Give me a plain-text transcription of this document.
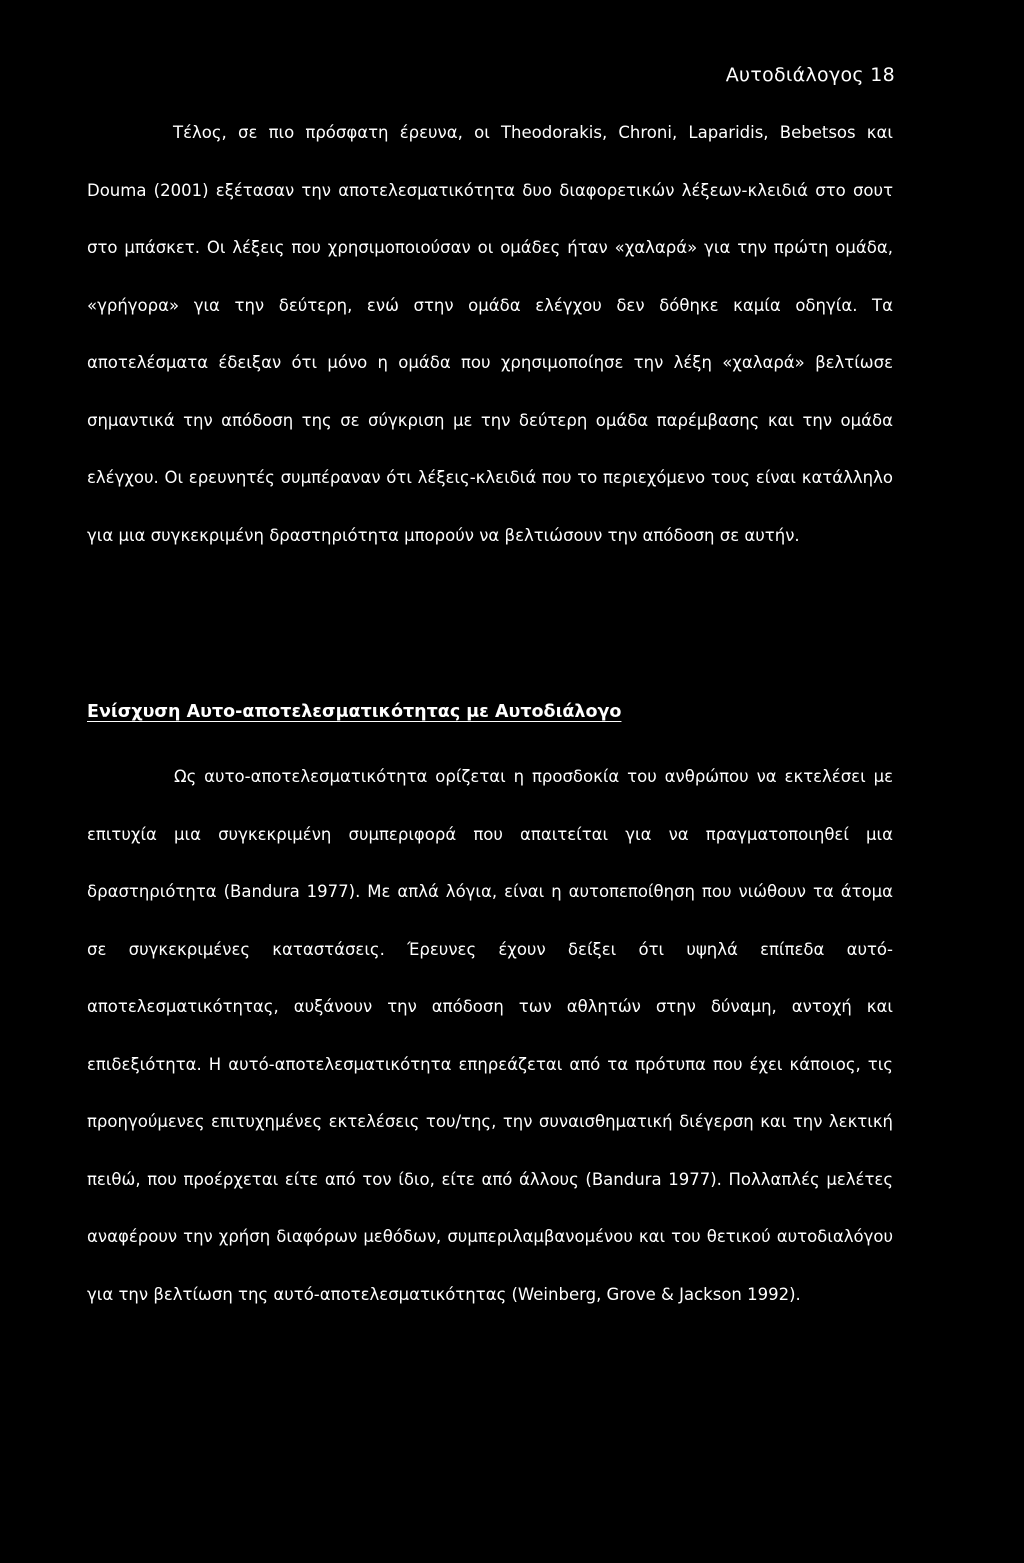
Αυτοδιάλογος 18

Τέλος, σε πιο πρόσφατη έρευνα, οι Theodorakis, Chroni, Laparidis, Bebetsos και Douma (2001) εξέτασαν την αποτελεσματικότητα δυο διαφορετικών λέξεων-κλειδιά στο σουτ στο μπάσκετ. Οι λέξεις που χρησιμοποιούσαν οι ομάδες ήταν «χαλαρά» για την πρώτη ομάδα, «γρήγορα» για την δεύτερη, ενώ στην ομάδα ελέγχου δεν δόθηκε καμία οδηγία. Τα αποτελέσματα έδειξαν ότι μόνο η ομάδα που χρησιμοποίησε την λέξη «χαλαρά» βελτίωσε σημαντικά την απόδοση της σε σύγκριση με την δεύτερη ομάδα παρέμβασης και την ομάδα ελέγχου. Οι ερευνητές συμπέραναν ότι λέξεις-κλειδιά που το περιεχόμενο τους είναι κατάλληλο για μια συγκεκριμένη δραστηριότητα μπορούν να βελτιώσουν την απόδοση σε αυτήν.

Ενίσχυση Αυτο-αποτελεσματικότητας με Αυτοδιάλογο

Ως αυτο-αποτελεσματικότητα ορίζεται η προσδοκία του ανθρώπου να εκτελέσει με επιτυχία μια συγκεκριμένη συμπεριφορά που απαιτείται για να πραγματοποιηθεί μια δραστηριότητα (Bandura 1977). Με απλά λόγια, είναι η αυτοπεποίθηση που νιώθουν τα άτομα σε συγκεκριμένες καταστάσεις. Έρευνες έχουν δείξει ότι υψηλά επίπεδα αυτό-αποτελεσματικότητας, αυξάνουν την απόδοση των αθλητών στην δύναμη, αντοχή και επιδεξιότητα. Η αυτό-αποτελεσματικότητα επηρεάζεται από τα πρότυπα που έχει κάποιος, τις προηγούμενες επιτυχημένες εκτελέσεις του/της, την συναισθηματική διέγερση και την λεκτική πειθώ, που προέρχεται είτε από τον ίδιο, είτε από άλλους (Bandura 1977). Πολλαπλές μελέτες αναφέρουν την χρήση διαφόρων μεθόδων, συμπεριλαμβανομένου και του θετικού αυτοδιαλόγου για την βελτίωση της αυτό-αποτελεσματικότητας (Weinberg, Grove & Jackson 1992).
